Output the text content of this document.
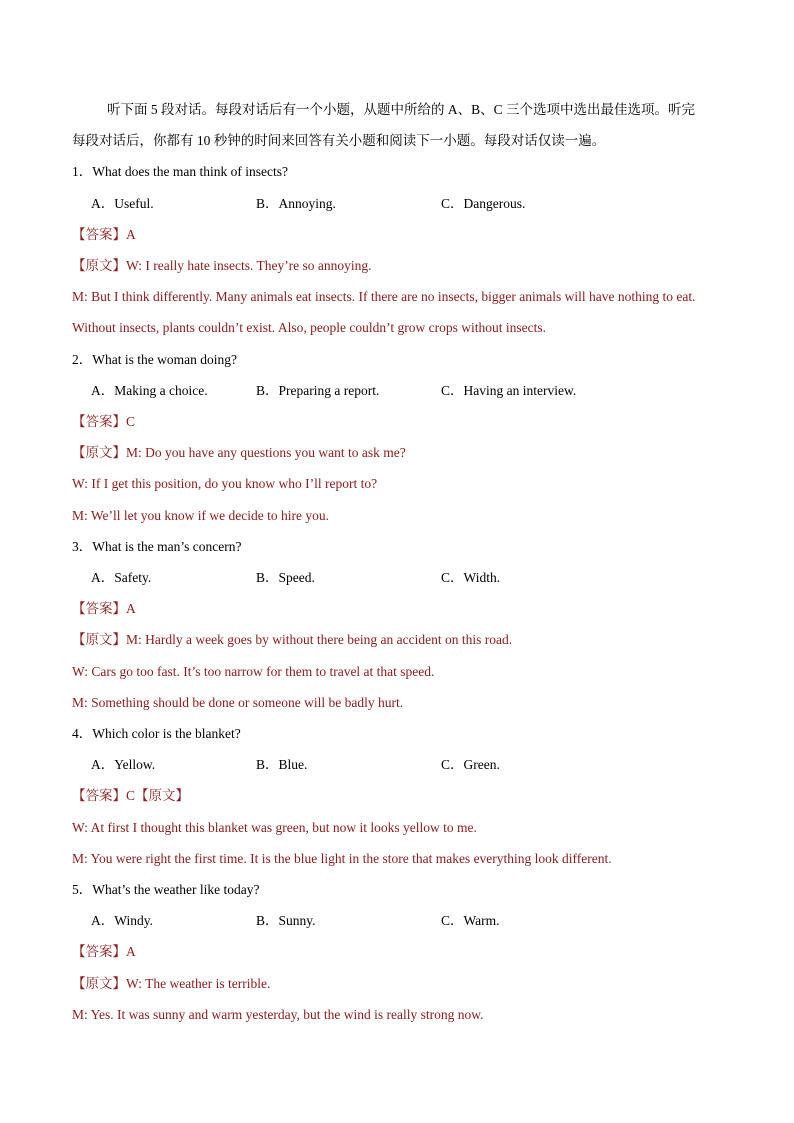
听下面 5 段对话。每段对话后有一个小题，从题中所给的 A、B、C 三个选项中选出最佳选项。听完
每段对话后，你都有 10 秒钟的时间来回答有关小题和阅读下一小题。每段对话仅读一遍。
1．What does the man think of insects?
A．Useful.	B．Annoying.	C．Dangerous.
【答案】A
【原文】W: I really hate insects. They’re so annoying.
M: But I think differently. Many animals eat insects. If there are no insects, bigger animals will have nothing to eat.
Without insects, plants couldn’t exist. Also, people couldn’t grow crops without insects.
2．What is the woman doing?
A．Making a choice.	B．Preparing a report.	C．Having an interview.
【答案】C
【原文】M: Do you have any questions you want to ask me?
W: If I get this position, do you know who I’ll report to?
M: We’ll let you know if we decide to hire you.
3．What is the man’s concern?
A．Safety.	B．Speed.	C．Width.
【答案】A
【原文】M: Hardly a week goes by without there being an accident on this road.
W: Cars go too fast. It’s too narrow for them to travel at that speed.
M: Something should be done or someone will be badly hurt.
4．Which color is the blanket?
A．Yellow.	B．Blue.	C．Green.
【答案】C【原文】
W: At first I thought this blanket was green, but now it looks yellow to me.
M: You were right the first time. It is the blue light in the store that makes everything look different.
5．What’s the weather like today?
A．Windy.	B．Sunny.	C．Warm.
【答案】A
【原文】W: The weather is terrible.
M: Yes. It was sunny and warm yesterday, but the wind is really strong now.
